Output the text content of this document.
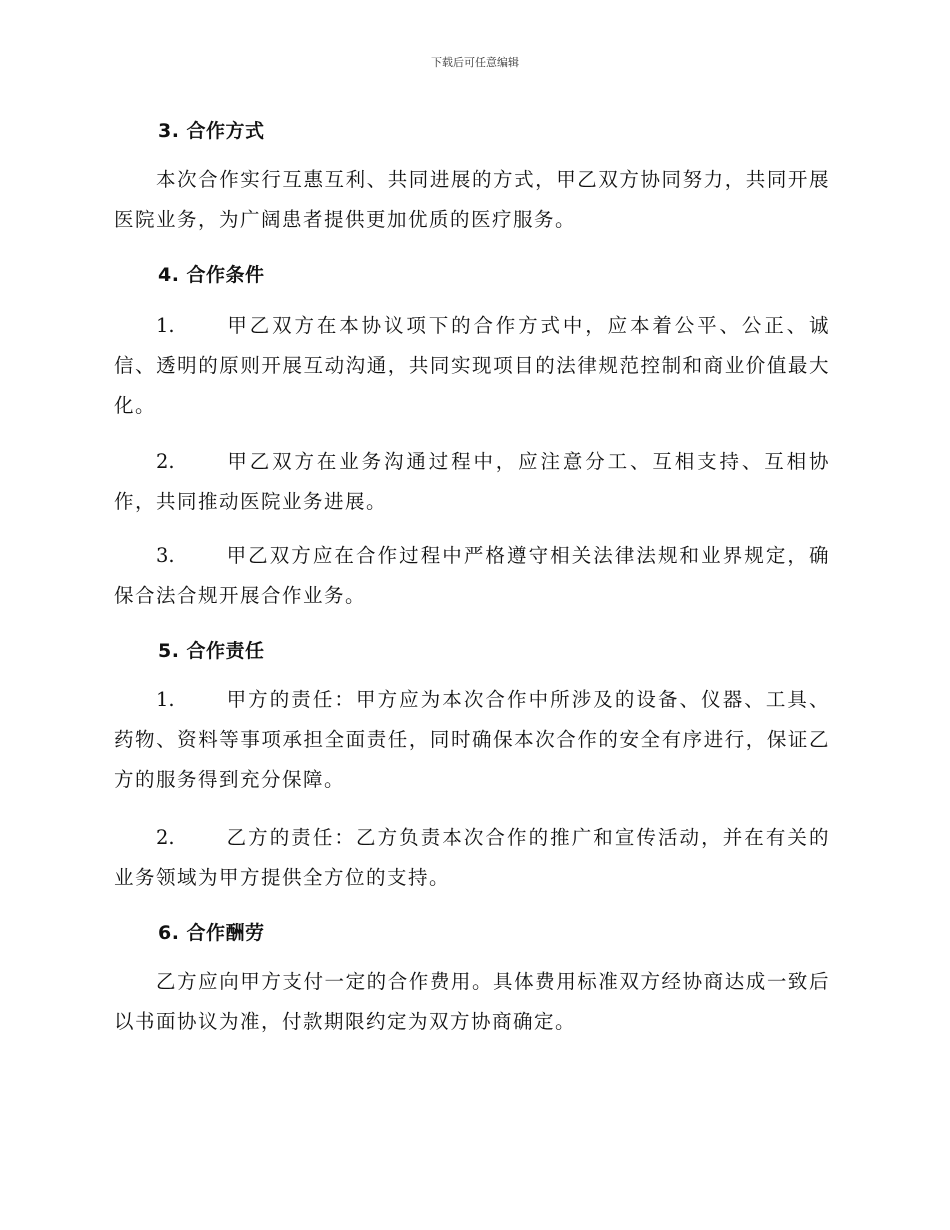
下载后可任意编辑
3. 合作方式

本次合作实行互惠互利、共同进展的方式，甲乙双方协同努力，共同开展医院业务，为广阔患者提供更加优质的医疗服务。

4. 合作条件

1.	甲乙双方在本协议项下的合作方式中，应本着公平、公正、诚信、透明的原则开展互动沟通，共同实现项目的法律规范控制和商业价值最大化。

2.	甲乙双方在业务沟通过程中，应注意分工、互相支持、互相协作，共同推动医院业务进展。

3.	甲乙双方应在合作过程中严格遵守相关法律法规和业界规定，确保合法合规开展合作业务。

5. 合作责任

1.	甲方的责任：甲方应为本次合作中所涉及的设备、仪器、工具、药物、资料等事项承担全面责任，同时确保本次合作的安全有序进行，保证乙方的服务得到充分保障。

2.	乙方的责任：乙方负责本次合作的推广和宣传活动，并在有关的业务领域为甲方提供全方位的支持。

6. 合作酬劳

乙方应向甲方支付一定的合作费用。具体费用标准双方经协商达成一致后以书面协议为准，付款期限约定为双方协商确定。
